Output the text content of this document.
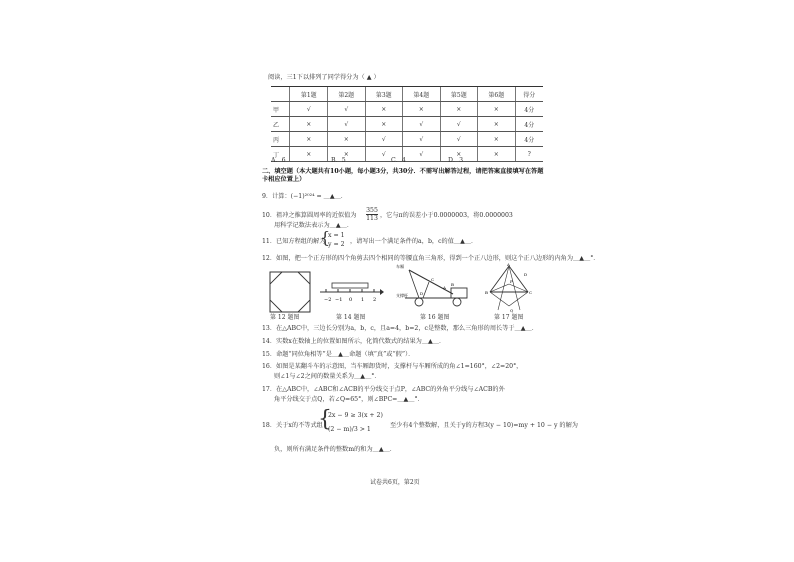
阅读，三1下以排列了同学得分为（ ▲ ）
	第1题	第2题	第3题	第4题	第5题	第6题	得分
甲	√	√	×	×	×	×	4分
乙	×	√	×	√	√	×	4分
丙	×	×	√	√	√	×	4分
丁	×	×	√	√	×	×	?
A．6	B．5	C．4	D．3
二、填空题（本大题共有10小题，每小题3分，共30分．不需写出解答过程，请把答案直接填写在答题卡相应位置上）
9．计算：(−1)²⁰²⁴ = ＿▲＿．
10．祖冲之推算圆周率的近似值为
355
113 ，它与π的误差小于0.0000003，将0.0000003
用科学记数法表示为＿▲＿．
11．已知方程组的解为
{
x = 1
y = 2 ，请写出一个满足条件的a，b，c的值＿▲＿．
12．如图，把一个正方形的四个角剪去四个相同的等腰直角三角形，得到一个正八边形，则这个正八边形的内角为＿▲＿°．
−2 −1 0 1 2
车厢
支撑杆
C
D
A
B
A
B	C
P
Q
D
第 12 题图	第 14 题图	第 16 题图	第 17 题图
13．在△ABC中，三边长分别为a，b，c，且a=4，b=2，c是整数，那么三角形的周长等于＿▲＿．
14．实数x在数轴上的位置如图所示，化简代数式的结果为＿▲＿．
15．命题“同位角相等”是＿▲＿命题（填“真”或“假”）．
16．如图是某翻斗车的示意图，当车厢卸货时，支撑杆与车厢所成的角∠1=160°，∠2=20°，
则∠1与∠2之间的数量关系为＿▲＿°．
17．在△ABC中，∠ABC和∠ACB的平分线交于点P，∠ABC的外角平分线与∠ACB的外
角平分线交于点Q，若∠Q=65°，则∠BPC=＿▲＿°．
18．关于x的不等式组
{
2x − 9 ≥ 3(x + 2)
(2 − m)/3 > 1
至少有4个整数解，且关于y的方程3(y − 10)=my + 10 − y 的解为
负，则所有满足条件的整数m的和为＿▲＿．
试卷共6页，第2页
